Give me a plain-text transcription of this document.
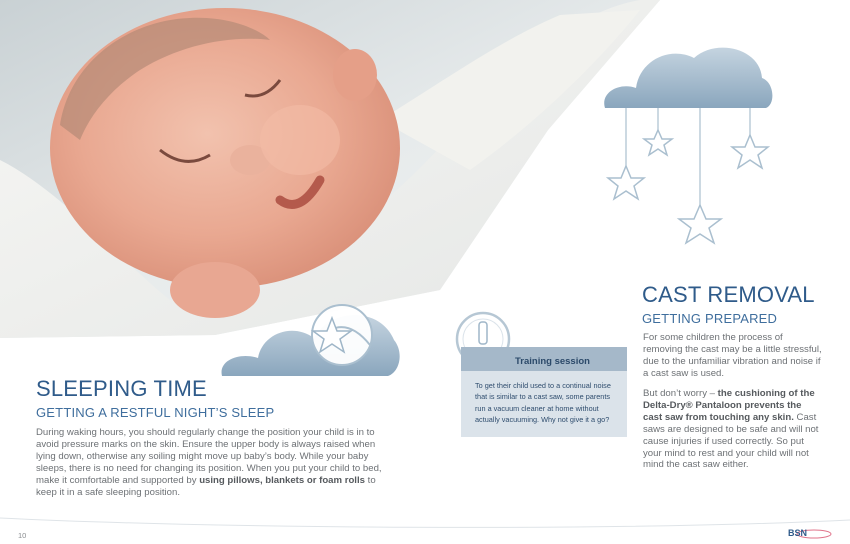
SLEEPING TIME
GETTING A RESTFUL NIGHT’S SLEEP

During waking hours, you should regularly change the position your child is in to avoid pressure marks on the skin. Ensure the upper body is always raised when lying down, otherwise any soiling might move up baby’s body. While your baby sleeps, there is no need for changing its position. When you put your child to bed, make it comfortable and supported by using pillows, blankets or foam rolls to keep it in a safe sleeping position.

Training session

To get their child used to a continual noise that is similar to a cast saw, some parents run a vacuum cleaner at home without actually vacuuming. Why not give it a go?

CAST REMOVAL
GETTING PREPARED

For some children the process of removing the cast may be a little stressful, due to the unfamiliar vibration and noise if a cast saw is used.

But don’t worry – the cushioning of the Delta-Dry® Pantaloon prevents the cast saw from touching any skin. Cast saws are designed to be safe and will not cause injuries if used correctly. So put your mind to rest and your child will not mind the cast saw either.

10	BSN
